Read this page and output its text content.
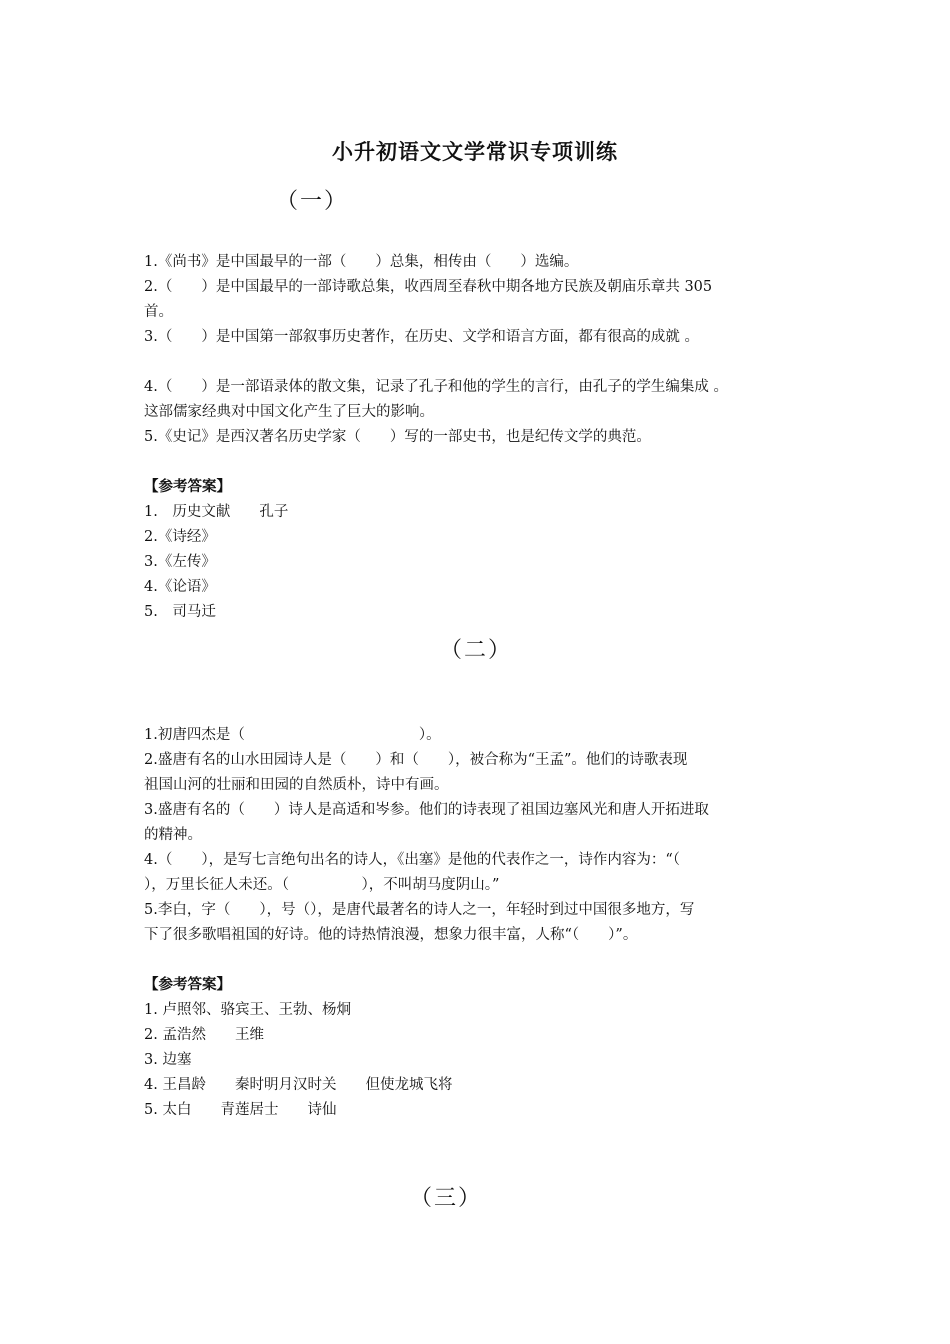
小升初语文文学常识专项训练
（一）

1.《尚书》是中国最早的一部（　　）总集，相传由（　　）选编。

2.（　　）是中国最早的一部诗歌总集，收西周至春秋中期各地方民族及朝庙乐章共 305

首。

3.（　　）是中国第一部叙事历史著作，在历史、文学和语言方面，都有很高的成就 。

4.（　　）是一部语录体的散文集，记录了孔子和他的学生的言行，由孔子的学生编集成 。

这部儒家经典对中国文化产生了巨大的影响。

5.《史记》是西汉著名历史学家（　　）写的一部史书，也是纪传文学的典范。

【参考答案】

1.　历史文献　　孔子

2.《诗经》

3.《左传》

4.《论语》

5.　司马迁

（二）

1.初唐四杰是（　　　　　　　　　　　　）。

2.盛唐有名的山水田园诗人是（　　）和（　　），被合称为“王孟”。他们的诗歌表现

祖国山河的壮丽和田园的自然质朴，诗中有画。

3.盛唐有名的（　　）诗人是高适和岑参。他们的诗表现了祖国边塞风光和唐人开拓进取

的精神。

4.（　　），是写七言绝句出名的诗人，《出塞》是他的代表作之一，诗作内容为：“（

），万里长征人未还。（　　　　　），不叫胡马度阴山。”

5.李白，字（　　），号（），是唐代最著名的诗人之一，年轻时到过中国很多地方，写

下了很多歌唱祖国的好诗。他的诗热情浪漫，想象力很丰富，人称“（　　）”。

【参考答案】

1. 卢照邻、骆宾王、王勃、杨炯

2. 孟浩然　　王维

3. 边塞

4. 王昌龄　　秦时明月汉时关　　但使龙城飞将

5. 太白　　青莲居士　　诗仙

（三）
